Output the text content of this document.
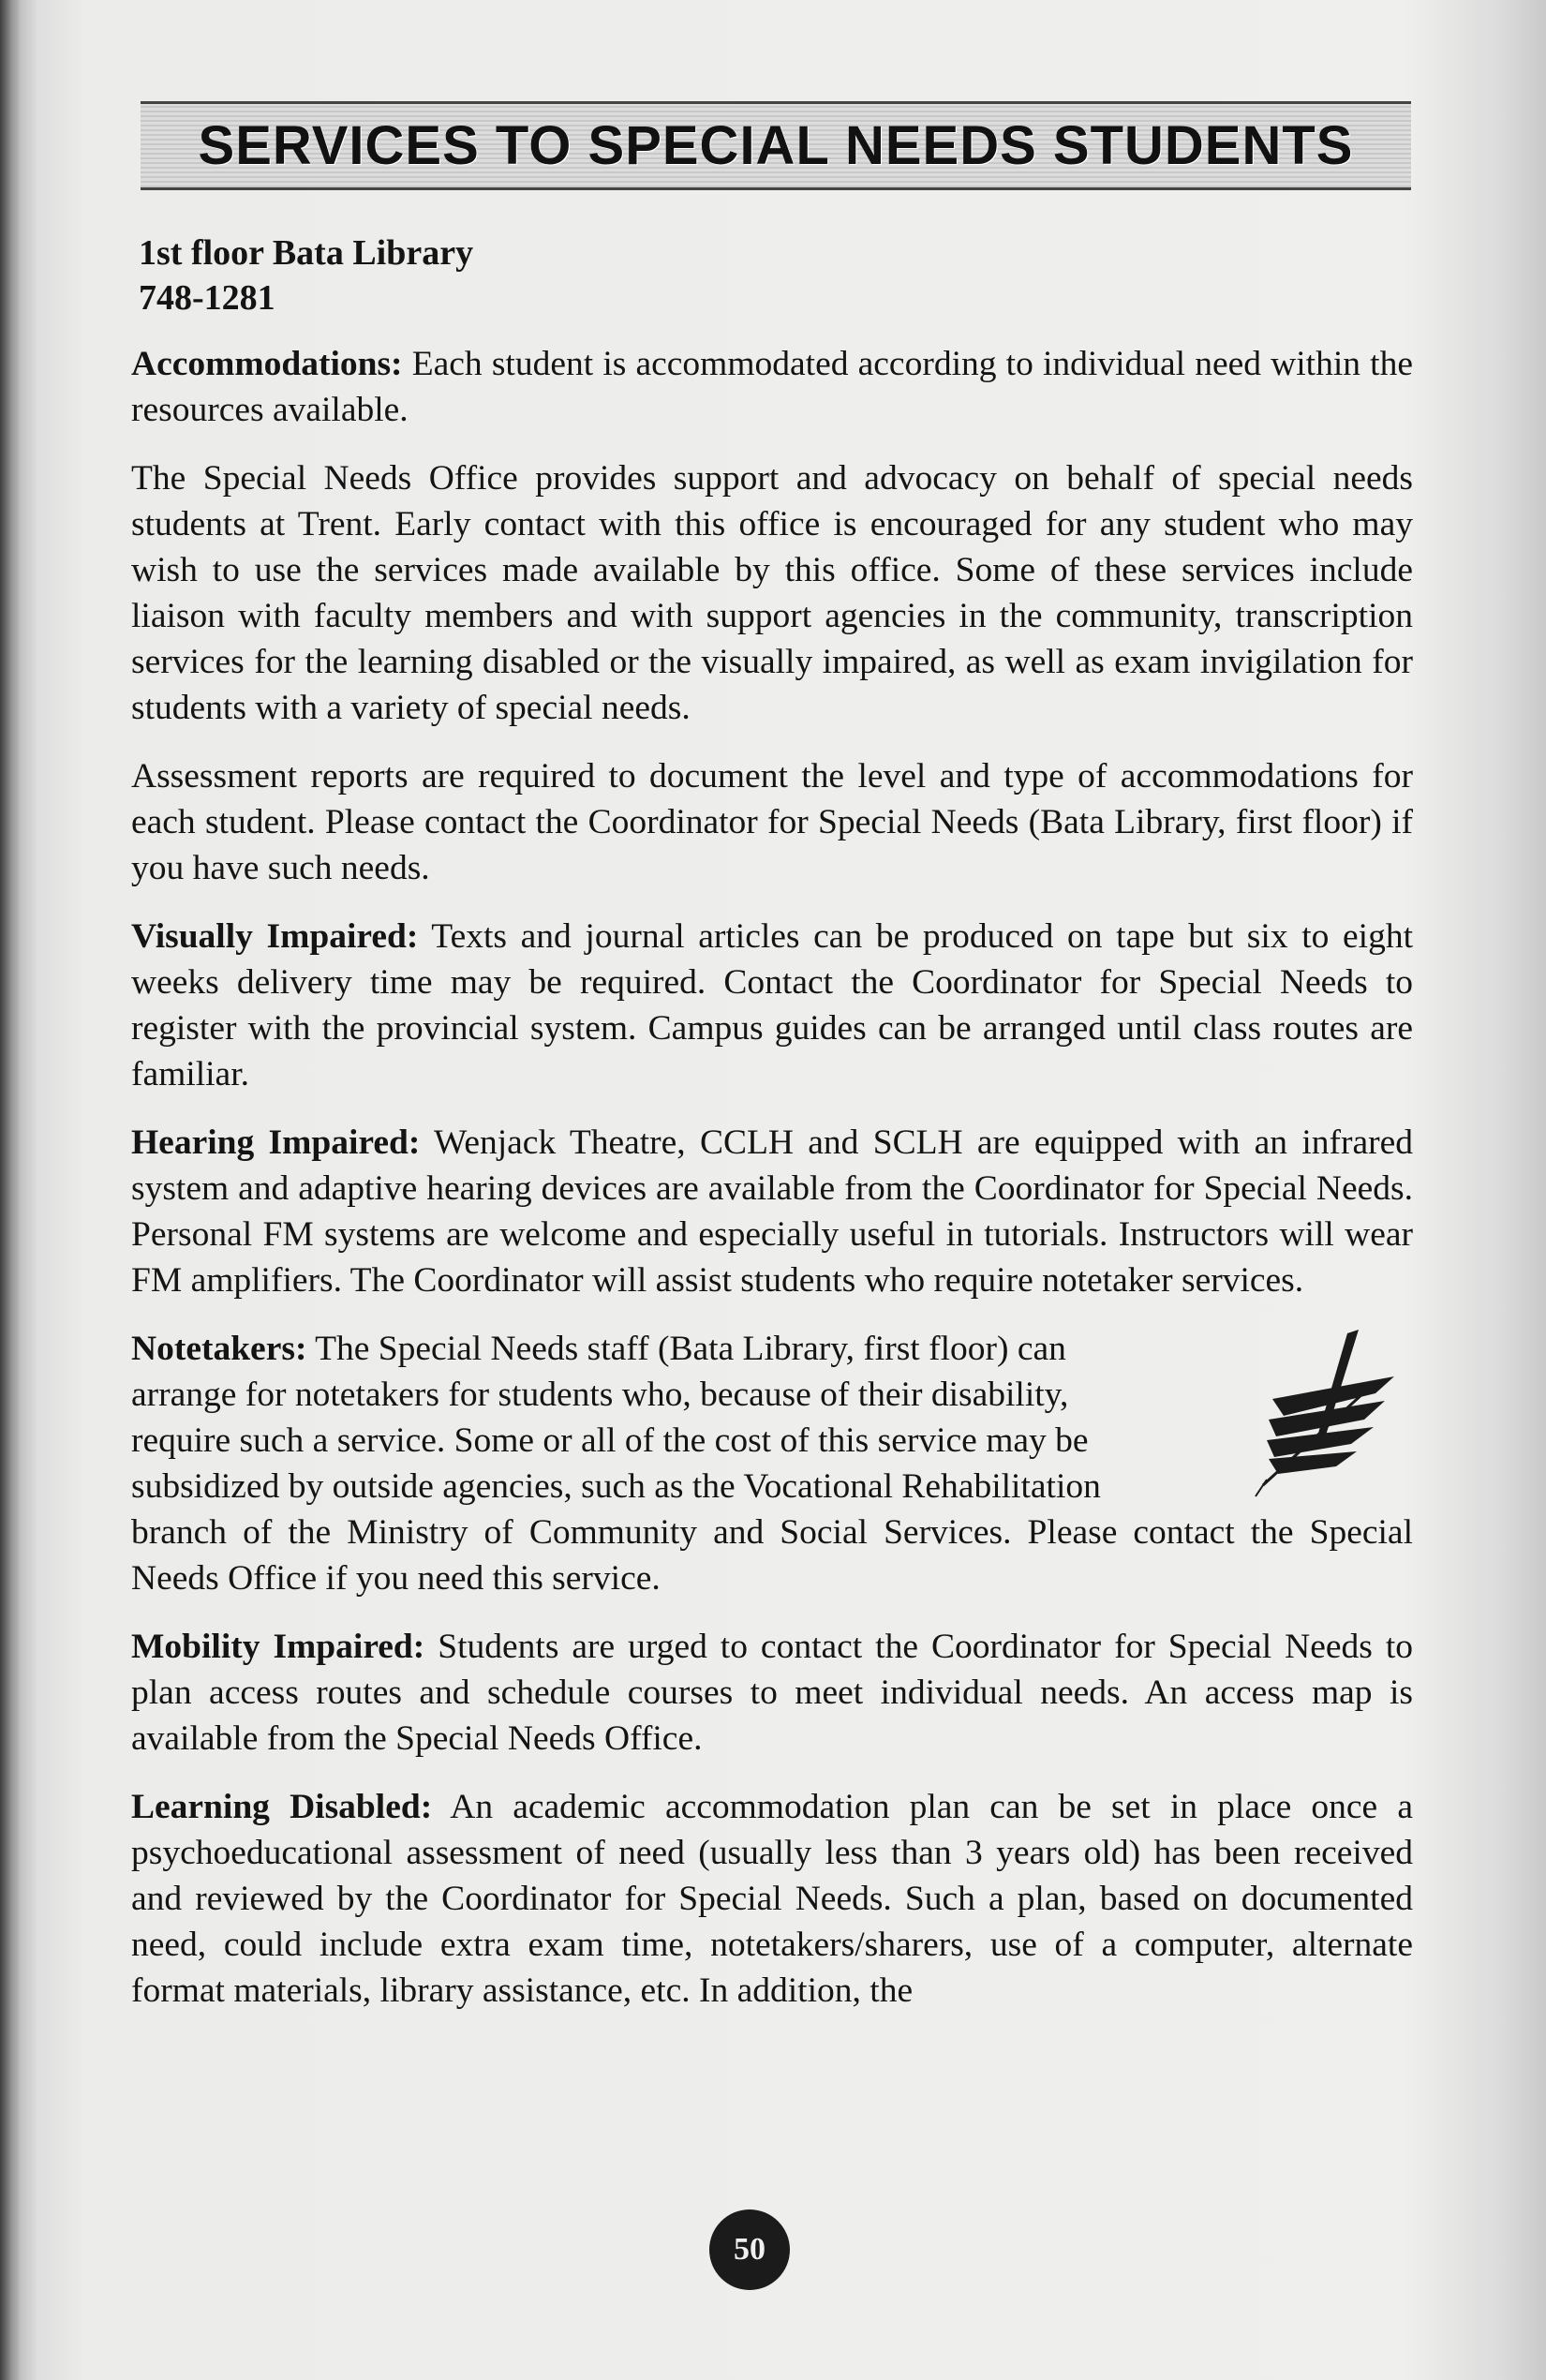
SERVICES TO SPECIAL NEEDS STUDENTS
1st floor Bata Library
748-1281

Accommodations: Each student is accommodated according to individual need within the resources available.

The Special Needs Office provides support and advocacy on behalf of special needs students at Trent. Early contact with this office is encouraged for any student who may wish to use the services made available by this office. Some of these services include liaison with faculty members and with support agencies in the community, transcription services for the learning disabled or the visually impaired, as well as exam invigilation for students with a variety of special needs.

Assessment reports are required to document the level and type of accommodations for each student. Please contact the Coordinator for Special Needs (Bata Library, first floor) if you have such needs.

Visually Impaired: Texts and journal articles can be produced on tape but six to eight weeks delivery time may be required. Contact the Coordinator for Special Needs to register with the provincial system. Campus guides can be arranged until class routes are familiar.

Hearing Impaired: Wenjack Theatre, CCLH and SCLH are equipped with an infrared system and adaptive hearing devices are available from the Coordinator for Special Needs. Personal FM systems are welcome and especially useful in tutorials. Instructors will wear FM amplifiers. The Coordinator will assist students who require notetaker services.

Notetakers: The Special Needs staff (Bata Library, first floor) can
arrange for notetakers for students who, because of their disability,
require such a service. Some or all of the cost of this service may be
subsidized by outside agencies, such as the Vocational Rehabilitation
branch of the Ministry of Community and Social Services. Please contact the Special Needs Office if you need this service.

Mobility Impaired: Students are urged to contact the Coordinator for Special Needs to plan access routes and schedule courses to meet individual needs. An access map is available from the Special Needs Office.

Learning Disabled: An academic accommodation plan can be set in place once a psychoeducational assessment of need (usually less than 3 years old) has been received and reviewed by the Coordinator for Special Needs. Such a plan, based on documented need, could include extra exam time, notetakers/sharers, use of a computer, alternate format materials, library assistance, etc. In addition, the

50
